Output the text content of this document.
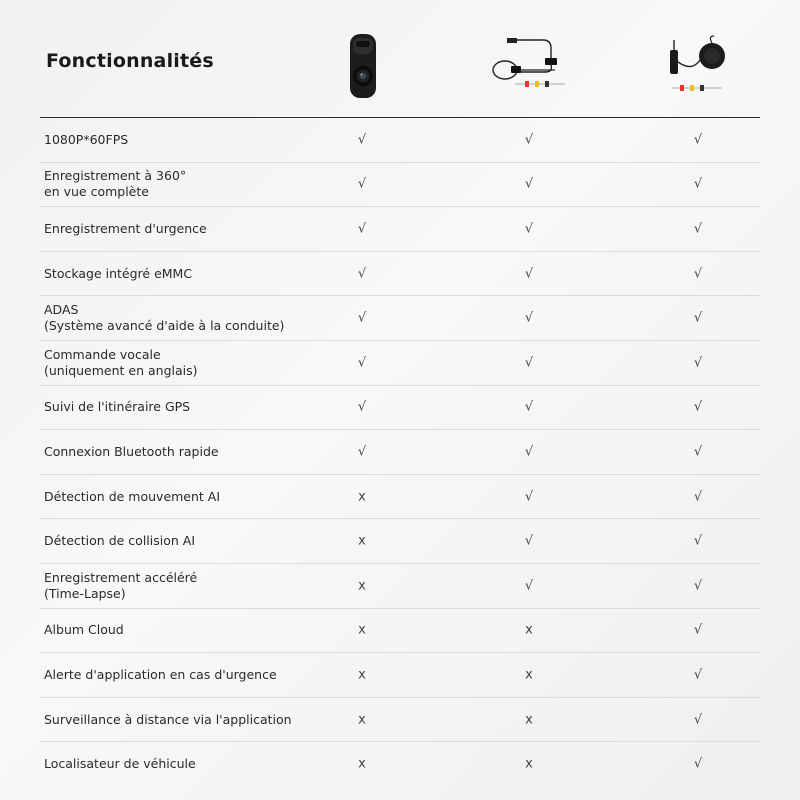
Fonctionnalités
1080P*60FPS	√	√	√
Enregistrement à 360°
en vue complète	√	√	√
Enregistrement d'urgence	√	√	√
Stockage intégré eMMC	√	√	√
ADAS
(Système avancé d'aide à la conduite)	√	√	√
Commande vocale
(uniquement en anglais)	√	√	√
Suivi de l'itinéraire GPS	√	√	√
Connexion Bluetooth rapide	√	√	√
Détection de mouvement AI	x	√	√
Détection de collision AI	x	√	√
Enregistrement accéléré
(Time-Lapse)	x	√	√
Album Cloud	x	x	√
Alerte d'application en cas d'urgence	x	x	√
Surveillance à distance via l'application	x	x	√
Localisateur de véhicule	x	x	√
